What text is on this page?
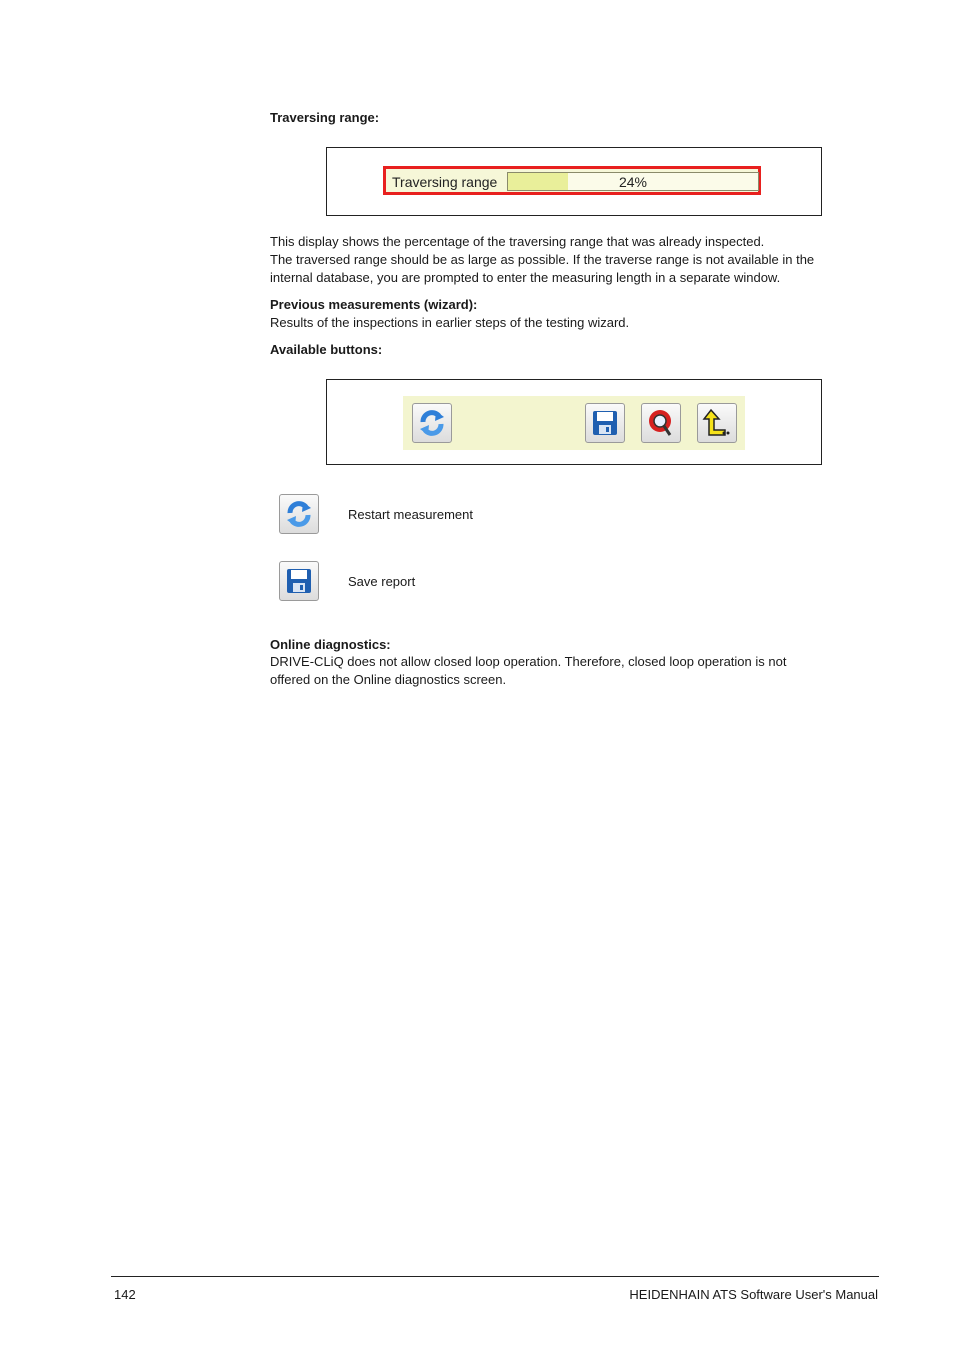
Traversing range:

Traversing range	24%

This display shows the percentage of the traversing range that was already inspected.
The traversed range should be as large as possible. If the traverse range is not available in the
internal database, you are prompted to enter the measuring length in a separate window.

Previous measurements (wizard):

Results of the inspections in earlier steps of the testing wizard.

Available buttons:

Restart measurement
Save report

Online diagnostics:

DRIVE-CLiQ does not allow closed loop operation. Therefore, closed loop operation is not
offered on the Online diagnostics screen.

142	HEIDENHAIN ATS Software User's Manual
